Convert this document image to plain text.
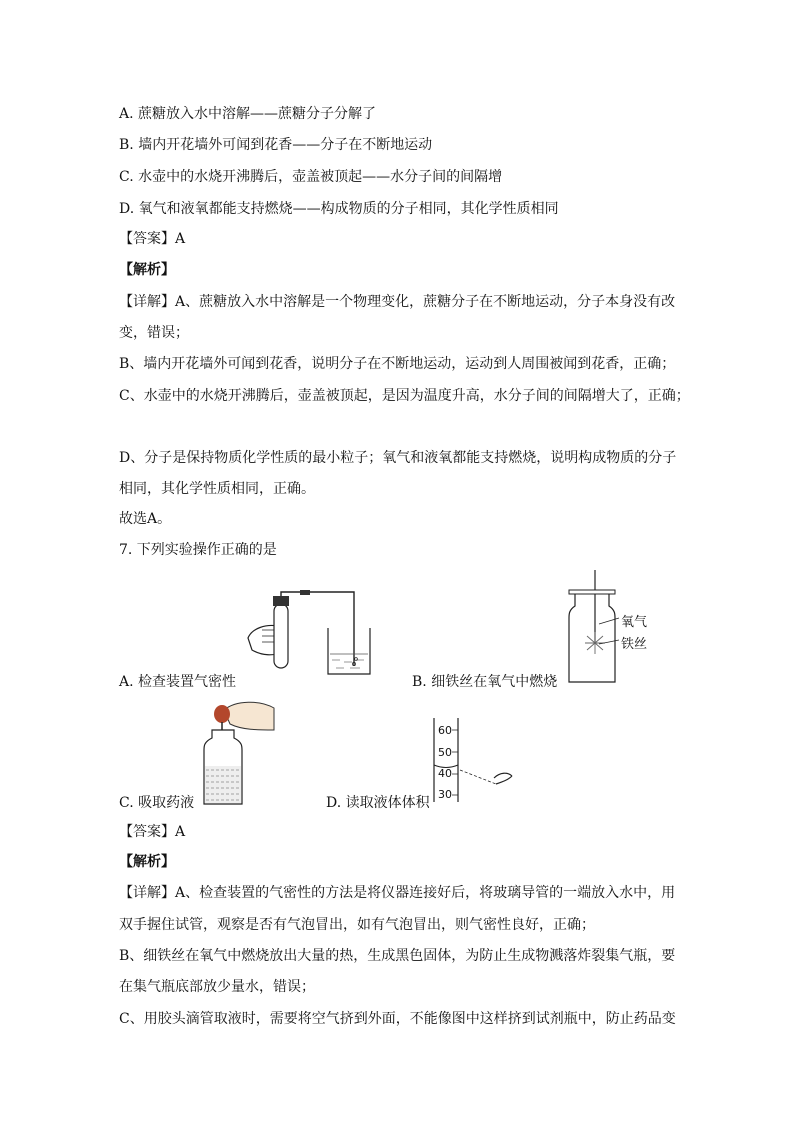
A. 蔗糖放入水中溶解——蔗糖分子分解了
B. 墙内开花墙外可闻到花香——分子在不断地运动
C. 水壶中的水烧开沸腾后，壶盖被顶起——水分子间的间隔增
D. 氧气和液氧都能支持燃烧——构成物质的分子相同，其化学性质相同
【答案】A
【解析】
【详解】A、蔗糖放入水中溶解是一个物理变化，蔗糖分子在不断地运动，分子本身没有改
变，错误；
B、墙内开花墙外可闻到花香，说明分子在不断地运动，运动到人周围被闻到花香，正确；
C、水壶中的水烧开沸腾后，壶盖被顶起，是因为温度升高，水分子间的间隔增大了，正确；
D、分子是保持物质化学性质的最小粒子；氧气和液氧都能支持燃烧，说明构成物质的分子
相同，其化学性质相同，正确。
故选A。
7. 下列实验操作正确的是
氧气
铁丝
A. 检查装置气密性	B. 细铁丝在氧气中燃烧
60
50
40
30
C. 吸取药液	D. 读取液体体积
【答案】A
【解析】
【详解】A、检查装置的气密性的方法是将仪器连接好后，将玻璃导管的一端放入水中，用
双手握住试管，观察是否有气泡冒出，如有气泡冒出，则气密性良好，正确；
B、细铁丝在氧气中燃烧放出大量的热，生成黑色固体，为防止生成物溅落炸裂集气瓶，要
在集气瓶底部放少量水，错误；
C、用胶头滴管取液时，需要将空气挤到外面，不能像图中这样挤到试剂瓶中，防止药品变
